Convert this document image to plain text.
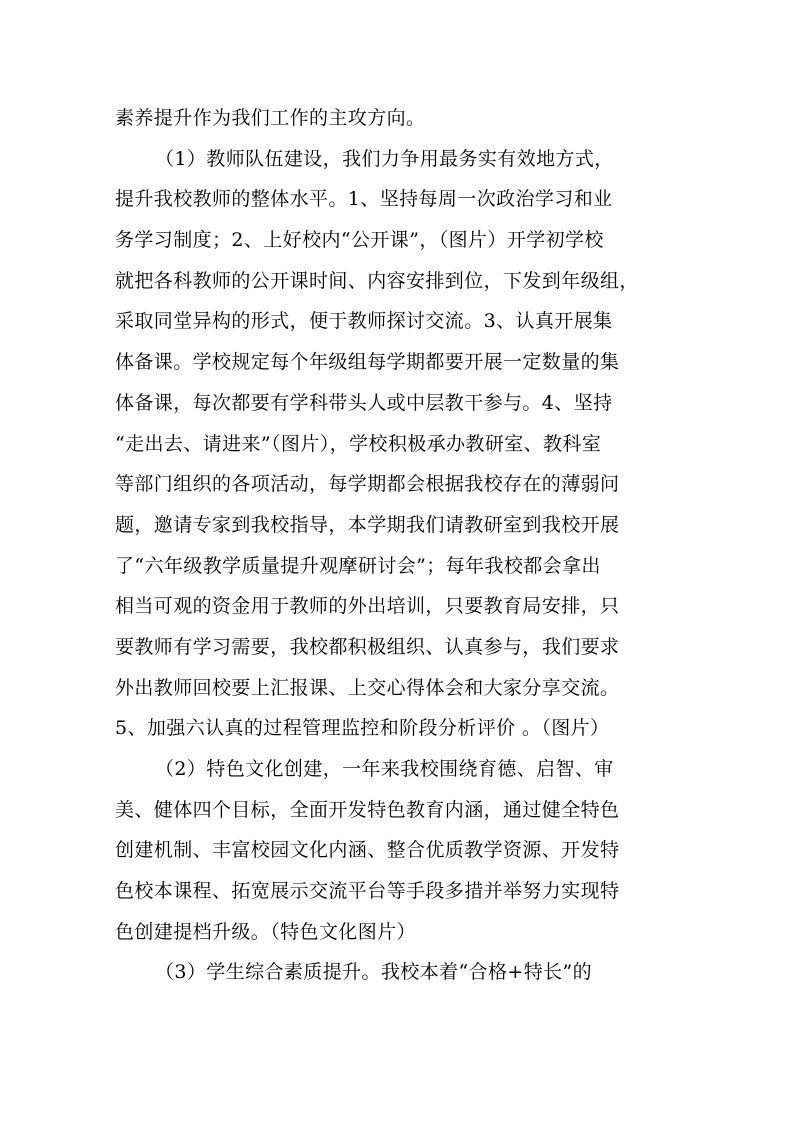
素养提升作为我们工作的主攻方向。
（1）教师队伍建设，我们力争用最务实有效地方式，
提升我校教师的整体水平。1、坚持每周一次政治学习和业
务学习制度；2、上好校内“公开课”，（图片）开学初学校
就把各科教师的公开课时间、内容安排到位，下发到年级组，
采取同堂异构的形式，便于教师探讨交流。3、认真开展集
体备课。学校规定每个年级组每学期都要开展一定数量的集
体备课，每次都要有学科带头人或中层教干参与。4、坚持
“走出去、请进来”（图片），学校积极承办教研室、教科室
等部门组织的各项活动，每学期都会根据我校存在的薄弱问
题，邀请专家到我校指导，本学期我们请教研室到我校开展
了“六年级教学质量提升观摩研讨会”；每年我校都会拿出
相当可观的资金用于教师的外出培训，只要教育局安排，只
要教师有学习需要，我校都积极组织、认真参与，我们要求
外出教师回校要上汇报课、上交心得体会和大家分享交流。
5、加强六认真的过程管理监控和阶段分析评价 。（图片）
（2）特色文化创建，一年来我校围绕育德、启智、审
美、健体四个目标，全面开发特色教育内涵，通过健全特色
创建机制、丰富校园文化内涵、整合优质教学资源、开发特
色校本课程、拓宽展示交流平台等手段多措并举努力实现特
色创建提档升级。（特色文化图片）
（3）学生综合素质提升。我校本着“合格+特长”的
